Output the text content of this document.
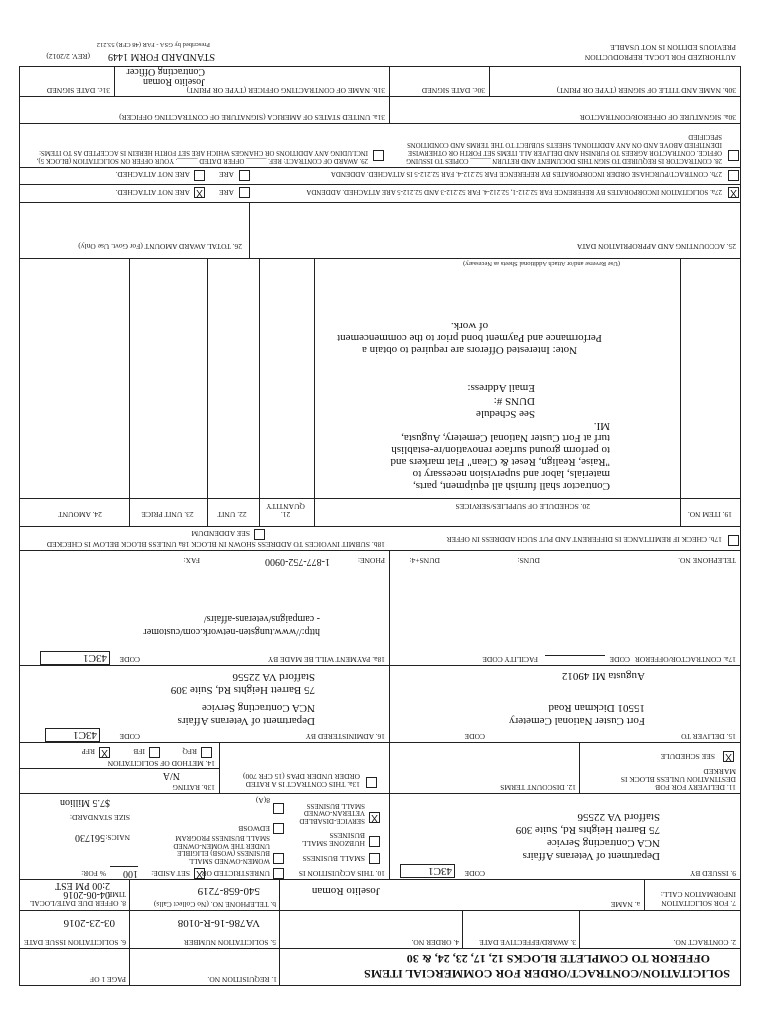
1. REQUISITION NO.
PAGE 1 OF	SOLICITATION/CONTRACT/ORDER FOR COMMERCIAL ITEMS
OFFEROR TO COMPLETE BLOCKS 12, 17, 23, 24, & 30
2. CONTRACT NO.
3. AWARD/EFFECTIVE DATE
4. ORDER NO.
5. SOLICITATION NUMBER
VA786-16-R-0108
6. SOLICITATION ISSUE DATE
03-23-2016
7. FOR SOLICITATION INFORMATION CALL:
a. NAME
Joselito Roman
b. TELEPHONE NO. (No Collect Calls)
540-658-7219
8. OFFER DUE DATE/LOCAL TIME
04-06-2016
2:00 PM EST
9. ISSUED BY
CODE
43C1
Department of Veterans Affairs
NCA Contracting Service
75 Barrett Heights Rd, Suite 309
Stafford VA 22556
10. THIS ACQUISITION IS
UNRESTRICTED OR
X
SET ASIDE:
100
% FOR:
SMALL BUSINESS
HUBZONE SMALL BUSINESS
X
SERVICE-DISABLED VETERAN-OWNED SMALL BUSINESS
WOMEN-OWNED SMALL BUSINESS (WOSB) ELIGIBLE UNDER THE WOMEN-OWNED SMALL BUSINESS PROGRAM
EDWOSB
8(A)
NAICS:
561730
SIZE STANDARD:
$7.5 Million
11. DELIVERY FOR FOB DESTINATION UNLESS BLOCK IS MARKED
X
SEE SCHEDULE
12. DISCOUNT TERMS
13a. THIS CONTRACT IS A RATED ORDER UNDER DPAS (15 CFR 700)
13b. RATING
N/A
14. METHOD OF SOLICITATION
RFQ
IFB
X
RFP
15. DELIVER TO
CODE
Fort Custer National Cemetery
15501 Dickman Road
Augusta MI 49012
16. ADMINISTERED BY
CODE
43C1
Department of Veterans Affairs
NCA Contracting Service
75 Barrett Heights Rd, Suite 309
Stafford VA 22556
17a. CONTRACTOR/OFFEROR
CODE
FACILITY CODE
TELEPHONE NO.
DUNS:
DUNS+4:
18a. PAYMENT WILL BE MADE BY
CODE
43C1
http://www.tungsten-network.com/customer
- campaigns/veterans-affairs/
PHONE:
1-877-752-0900
FAX:
17b. CHECK IF REMITTANCE IS DIFFERENT AND PUT SUCH ADDRESS IN OFFER
18b. SUBMIT INVOICES TO ADDRESS SHOWN IN BLOCK 18a UNLESS BLOCK BELOW IS CHECKED
SEE ADDENDUM
19. ITEM NO.
20. SCHEDULE OF SUPPLIES/SERVICES
21. QUANTITY
22. UNIT
23. UNIT PRICE
24. AMOUNT
Contractor shall furnish all equipment, parts, materials, labor and supervision necessary to "Raise, Realign, Reset & Clean" Flat markers and to perform ground surface renovation/re-establish turf at Fort Custer National Cemetery, Augusta, MI.
See Schedule
DUNS #:
Email Address:
Note: Interested Offerors are required to obtain a Performance and Payment bond prior to the commencement of work.
(Use Reverse and/or Attach Additional Sheets as Necessary)
25. ACCOUNTING AND APPROPRIATION DATA
26. TOTAL AWARD AMOUNT (For Govt. Use Only)
X
27a. SOLICITATION INCORPORATES BY REFERENCE FAR 52.212-1, 52.212-4. FAR 52.212-3 AND 52.212-5 ARE ATTACHED. ADDENDA
ARE
X
ARE NOT ATTACHED.
27b. CONTRACT/PURCHASE ORDER INCORPORATES BY REFERENCE FAR 52.212-4. FAR 52.212-5 IS ATTACHED. ADDENDA
ARE
ARE NOT ATTACHED.
28. CONTRACTOR IS REQUIRED TO SIGN THIS DOCUMENT AND RETURN ______ COPIES TO ISSUING OFFICE. CONTRACTOR AGREES TO FURNISH AND DELIVER ALL ITEMS SET FORTH OR OTHERWISE IDENTIFIED ABOVE AND ON ANY ADDITIONAL SHEETS SUBJECT TO THE TERMS AND CONDITIONS SPECIFIED
29. AWARD OF CONTRACT: REF. ______ OFFER DATED ______. YOUR OFFER ON SOLICITATION (BLOCK 5), INCLUDING ANY ADDITIONS OR CHANGES WHICH ARE SET FORTH HEREIN IS ACCEPTED AS TO ITEMS:
30a. SIGNATURE OF OFFEROR/CONTRACTOR
31a. UNITED STATES OF AMERICA (SIGNATURE OF CONTRACTING OFFICER)
30b. NAME AND TITLE OF SIGNER (TYPE OR PRINT)
30c. DATE SIGNED
31b. NAME OF CONTRACTING OFFICER (TYPE OR PRINT)
Joselito Roman
Contracting Officer
31c. DATE SIGNED
AUTHORIZED FOR LOCAL REPRODUCTION
PREVIOUS EDITION IS NOT USABLE
STANDARD FORM 1449
(REV. 2/2012)
Prescribed by GSA - FAR (48 CFR) 53.212
